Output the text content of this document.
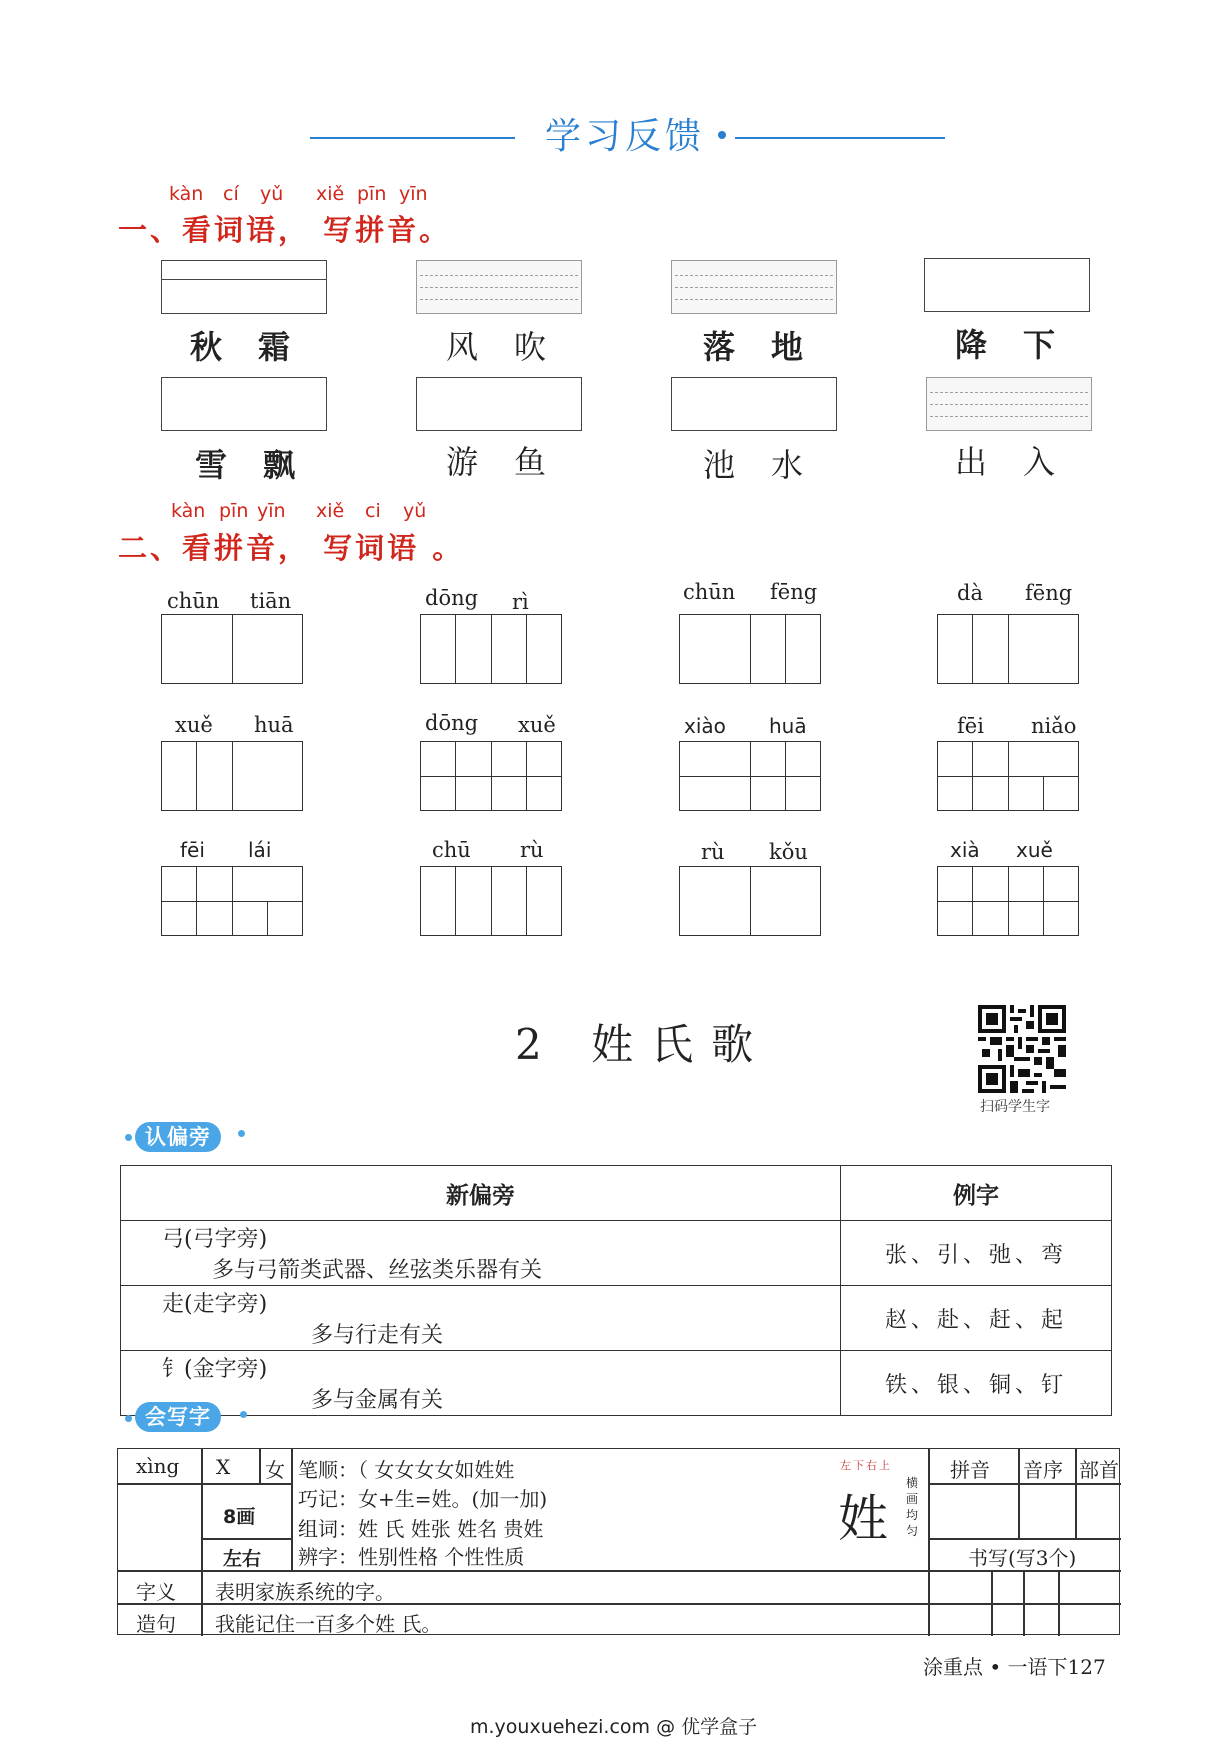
学习反馈
kàn cí yǔ xiě pīn yīn
一、看词语， 写拼音。
秋霜	风吹	落地	降下
雪飘	游鱼	池水	出入
kàn pīn yīn xiě ci yǔ
二、看拼音， 写词语 。
chūn tiān	dōng rì	chūn fēng	dà fēng
xuě huā	dōng xuě	xiào huā	fēi niǎo
fēi lái	chū rù	rù kǒu	xià xuě
2 姓氏歌
扫码学生字
认偏旁
新偏旁	例字
弓(弓字旁)多与弓箭类武器、丝弦类乐器有关	张、引、弛、弯
走(走字旁)多与行走有关	赵、赴、赶、起
钅(金字旁)多与金属有关	铁、银、铜、钉
会写字
xìng X 女
8画
左右
笔顺：（ 女女女女如姓姓
巧记：女+生=姓。(加一加)
组词：姓 氏 姓张 姓名 贵姓
辨字：性别性格 个性性质
左下右上
姓
横画均匀
拼音 音序 部首
书写(写3个)
字义 表明家族系统的字。
造句 我能记住一百多个姓 氏。
涂重点 • 一语下127
m.youxuehezi.com @ 优学盒子
